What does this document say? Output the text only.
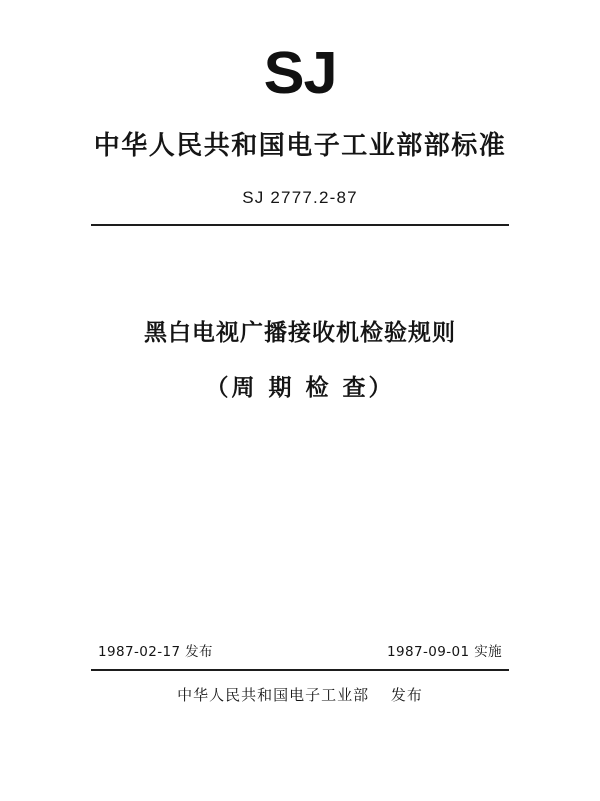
SJ
中华人民共和国电子工业部部标准
SJ 2777.2-87
黑白电视广播接收机检验规则
（周 期 检 查）
1987-02-17 发布	1987-09-01 实施
中华人民共和国电子工业部 发布
